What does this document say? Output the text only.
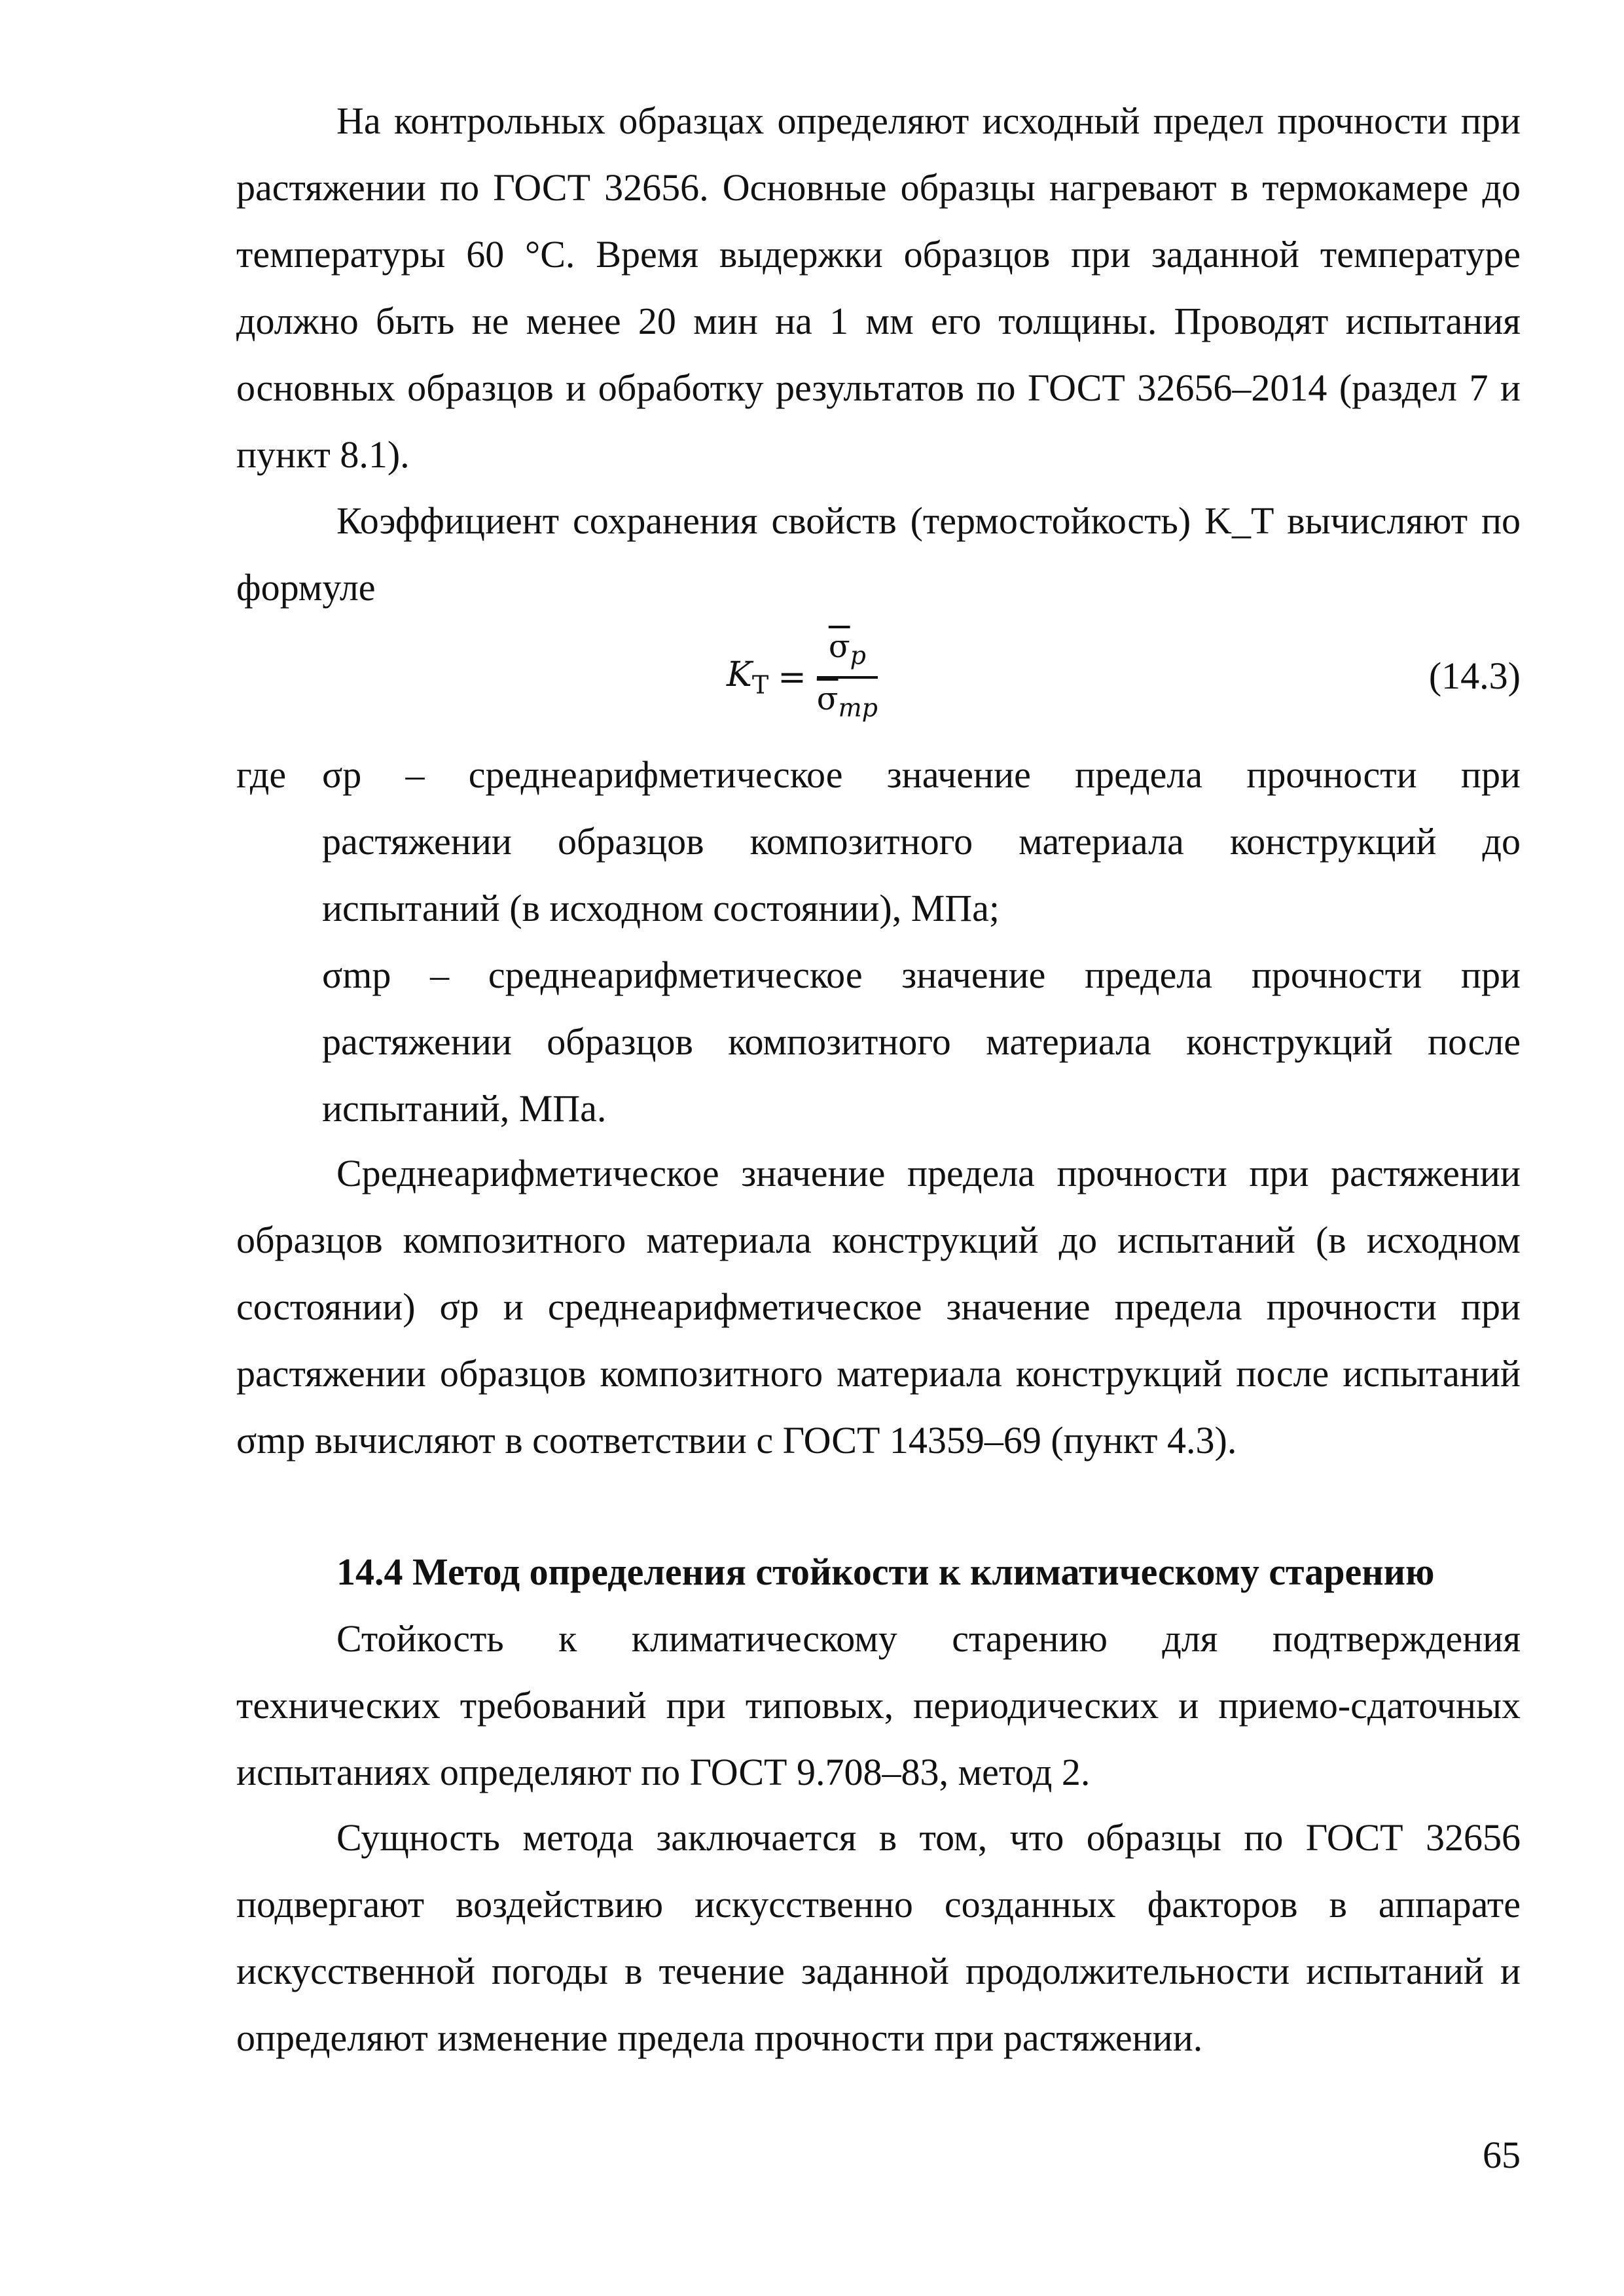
На контрольных образцах определяют исходный предел прочности при
растяжении по ГОСТ 32656. Основные образцы нагревают в термокамере до
температуры 60 °С. Время выдержки образцов при заданной температуре
должно быть не менее 20 мин на 1 мм его толщины. Проводят испытания
основных образцов и обработку результатов по ГОСТ 32656–2014 (раздел 7 и
пункт 8.1).
Коэффициент сохранения свойств (термостойкость) K_T вычисляют по
формуле
$K_Т = \frac{\overline{\sigma}_p}{\overline{\sigma}_{mp}}$	(14.3)
где σp – среднеарифметическое значение предела прочности при
растяжении образцов композитного материала конструкций до
испытаний (в исходном состоянии), МПа;
σmp – среднеарифметическое значение предела прочности при
растяжении образцов композитного материала конструкций после
испытаний, МПа.
Среднеарифметическое значение предела прочности при растяжении
образцов композитного материала конструкций до испытаний (в исходном
состоянии) σp и среднеарифметическое значение предела прочности при
растяжении образцов композитного материала конструкций после испытаний
σmp вычисляют в соответствии с ГОСТ 14359–69 (пункт 4.3).
14.4 Метод определения стойкости к климатическому старению
Стойкость к климатическому старению для подтверждения
технических требований при типовых, периодических и приемо-сдаточных
испытаниях определяют по ГОСТ 9.708–83, метод 2.
Сущность метода заключается в том, что образцы по ГОСТ 32656
подвергают воздействию искусственно созданных факторов в аппарате
искусственной погоды в течение заданной продолжительности испытаний и
определяют изменение предела прочности при растяжении.
65
